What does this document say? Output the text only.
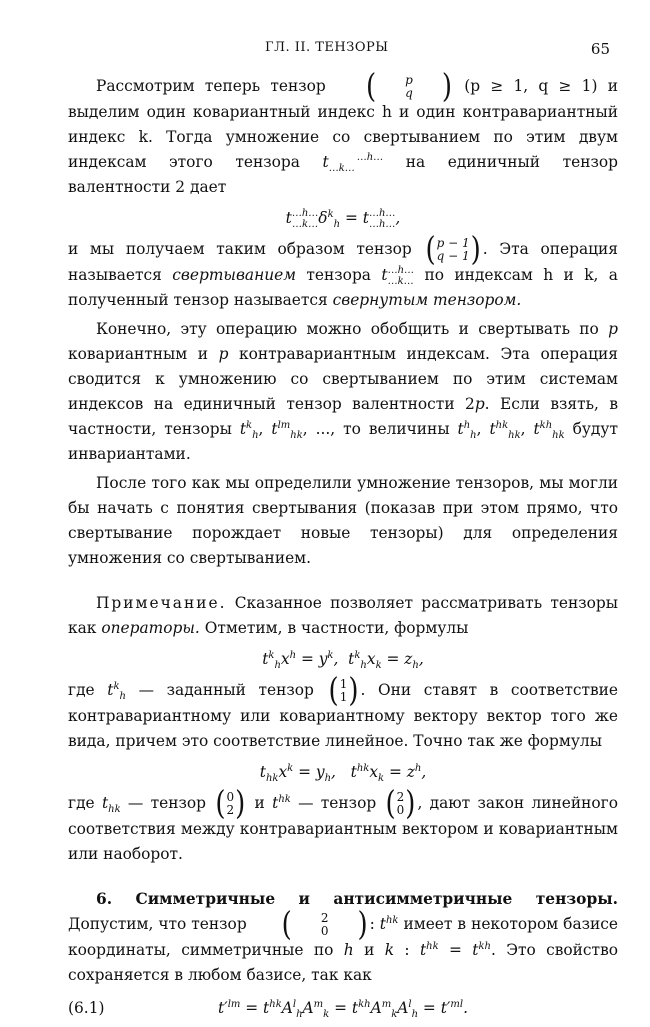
ГЛ. II. ТЕНЗОРЫ	65

Рассмотрим теперь тензор	(	p
q	) (p ≥ 1, q ≥ 1) и выделим один ковариантный индекс h и один контравариантный индекс k. Тогда умножение со свертыванием по этим двум индексам этого тензора t	…h…
…k…	на единичный тензор валентности 2 дает

t…h…
$\dots k\dots\delta^k_h$ = t…h…
…h…,

и мы получаем таким образом тензор ( p − 1
q − 1 ) . Эта операция называется свертыванием тензора t…h…
…k… по индексам h и k, а полученный тензор называется свернутым тензором.

Конечно, эту операцию можно обобщить и свертывать по p ковариантным и p контравариантным индексам. Эта операция сводится к умножению со свертыванием по этим системам индексов на единичный тензор валентности 2p. Если взять, в частности, тензоры $t^k_h$, $t^{lm}_{hk}$, ..., то величины $t^h_h$, $t^{hk}_{hk}$, $t^{kh}_{hk}$ будут инвариантами.

После того как мы определили умножение тензоров, мы могли бы начать с понятия свертывания (показав при этом прямо, что свертывание порождает новые тензоры) для определения умножения со свертыванием.

Примечание. Сказанное позволяет рассматривать тензоры как операторы. Отметим, в частности, формулы

$t^k_hx^h = y^k$,  $t^k_hx_k = z_h$,

где $t^k_h$ — заданный тензор ( 1
1 ) . Они ставят в соответствие контравариантному или ковариантному вектору вектор того же вида, причем это соответствие линейное. Точно так же формулы

$t_{hk}x^k = y_h$,   $t^{hk}x_k = z^h$,

где $t_{hk}$ — тензор ( 0
2 ) и $t^{hk}$ — тензор ( 2
0 ) , дают закон линейного соответствия между контравариантным вектором и ковариантным или наоборот.

6. Симметричные и антисимметричные тензоры. Допустим, что тензор	(	2
0	) : $t^{hk}$ имеет в некотором базисе координаты, симметричные по h и k : $t^{hk} = t^{kh}$. Это свойство сохраняется в любом базисе, так как

(6.1)	$t'^{lm} = t^{hk}A^l_hA^m_k = t^{kh}A^m_kA^l_h = t'^{ml}$.
